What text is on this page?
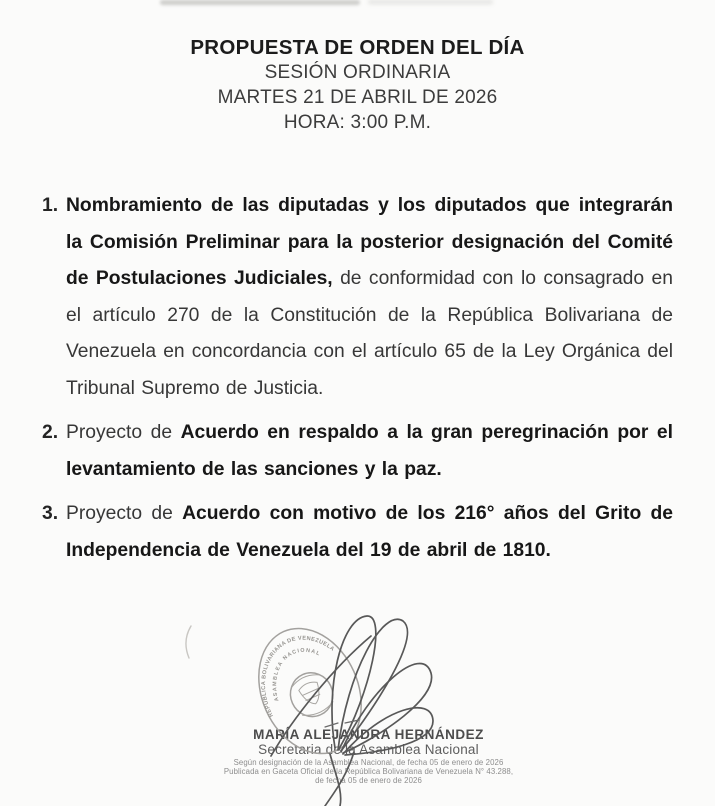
PROPUESTA DE ORDEN DEL DÍA
SESIÓN ORDINARIA
MARTES 21 DE ABRIL DE 2026
HORA: 3:00 P.M.
1. Nombramiento de las diputadas y los diputados que integrarán la Comisión Preliminar para la posterior designación del Comité de Postulaciones Judiciales, de conformidad con lo consagrado en el artículo 270 de la Constitución de la República Bolivariana de Venezuela en concordancia con el artículo 65 de la Ley Orgánica del Tribunal Supremo de Justicia.

2. Proyecto de Acuerdo en respaldo a la gran peregrinación por el levantamiento de las sanciones y la paz.

3. Proyecto de Acuerdo con motivo de los 216° años del Grito de Independencia de Venezuela del 19 de abril de 1810.

MARÍA ALEJANDRA HERNÁNDEZ
Secretaria de la Asamblea Nacional
Según designación de la Asamblea Nacional, de fecha 05 de enero de 2026
Publicada en Gaceta Oficial de la República Bolivariana de Venezuela N° 43.288,
de fecha 05 de enero de 2026
REPÚBLICA BOLIVARIANA DE VENEZUELA
ASAMBLEA NACIONAL
